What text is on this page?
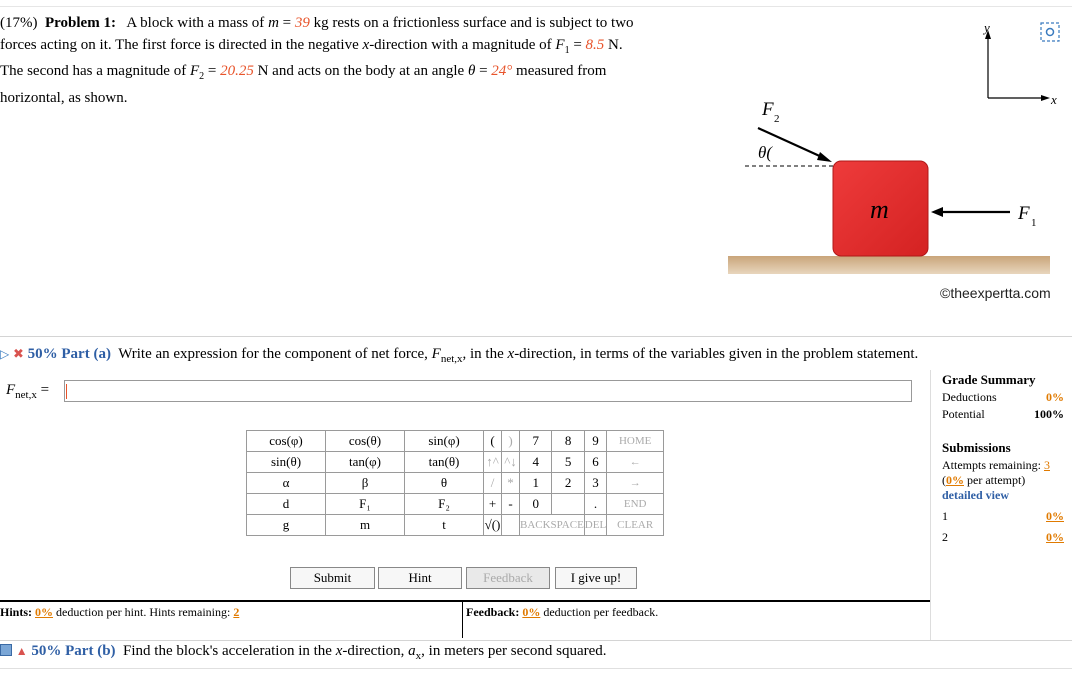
(17%) Problem 1: A block with a mass of m = 39 kg rests on a frictionless surface and is subject to two
forces acting on it. The first force is directed in the negative x-direction with a magnitude of $F_1 = 8.5$ N.
The second has a magnitude of $F_2 = 20.25$ N and acts on the body at an angle θ = 24° measured from
horizontal, as shown.
y
x
m
F 2
θ(
F 1
©theexpertta.com
▷ ✖ 50% Part (a) Write an expression for the component of net force, $F_{net,x}$, in the x-direction, in terms of the variables given in the problem statement.
$F_{net,x}$ =
cos(φ)	cos(θ)	sin(φ)	(	)	7	8	9	HOME
sin(θ)	tan(φ)	tan(θ)	↑^	^↓	4	5	6	←
α	β	θ	/	*	1	2	3	→
d	F₁	F₂	+	-	0		.	END
g	m	t	√()		BACKSPACE		DEL	CLEAR
Submit	Hint	Feedback	I give up!
Hints: 0% deduction per hint. Hints remaining: 2	Feedback: 0% deduction per feedback.
Grade Summary
Deductions	0%
Potential	100%
Submissions
Attempts remaining: 3
(0% per attempt)
detailed view
1	0%
2	0%
▲ 50% Part (b) Find the block's acceleration in the x-direction, $a_x$, in meters per second squared.
